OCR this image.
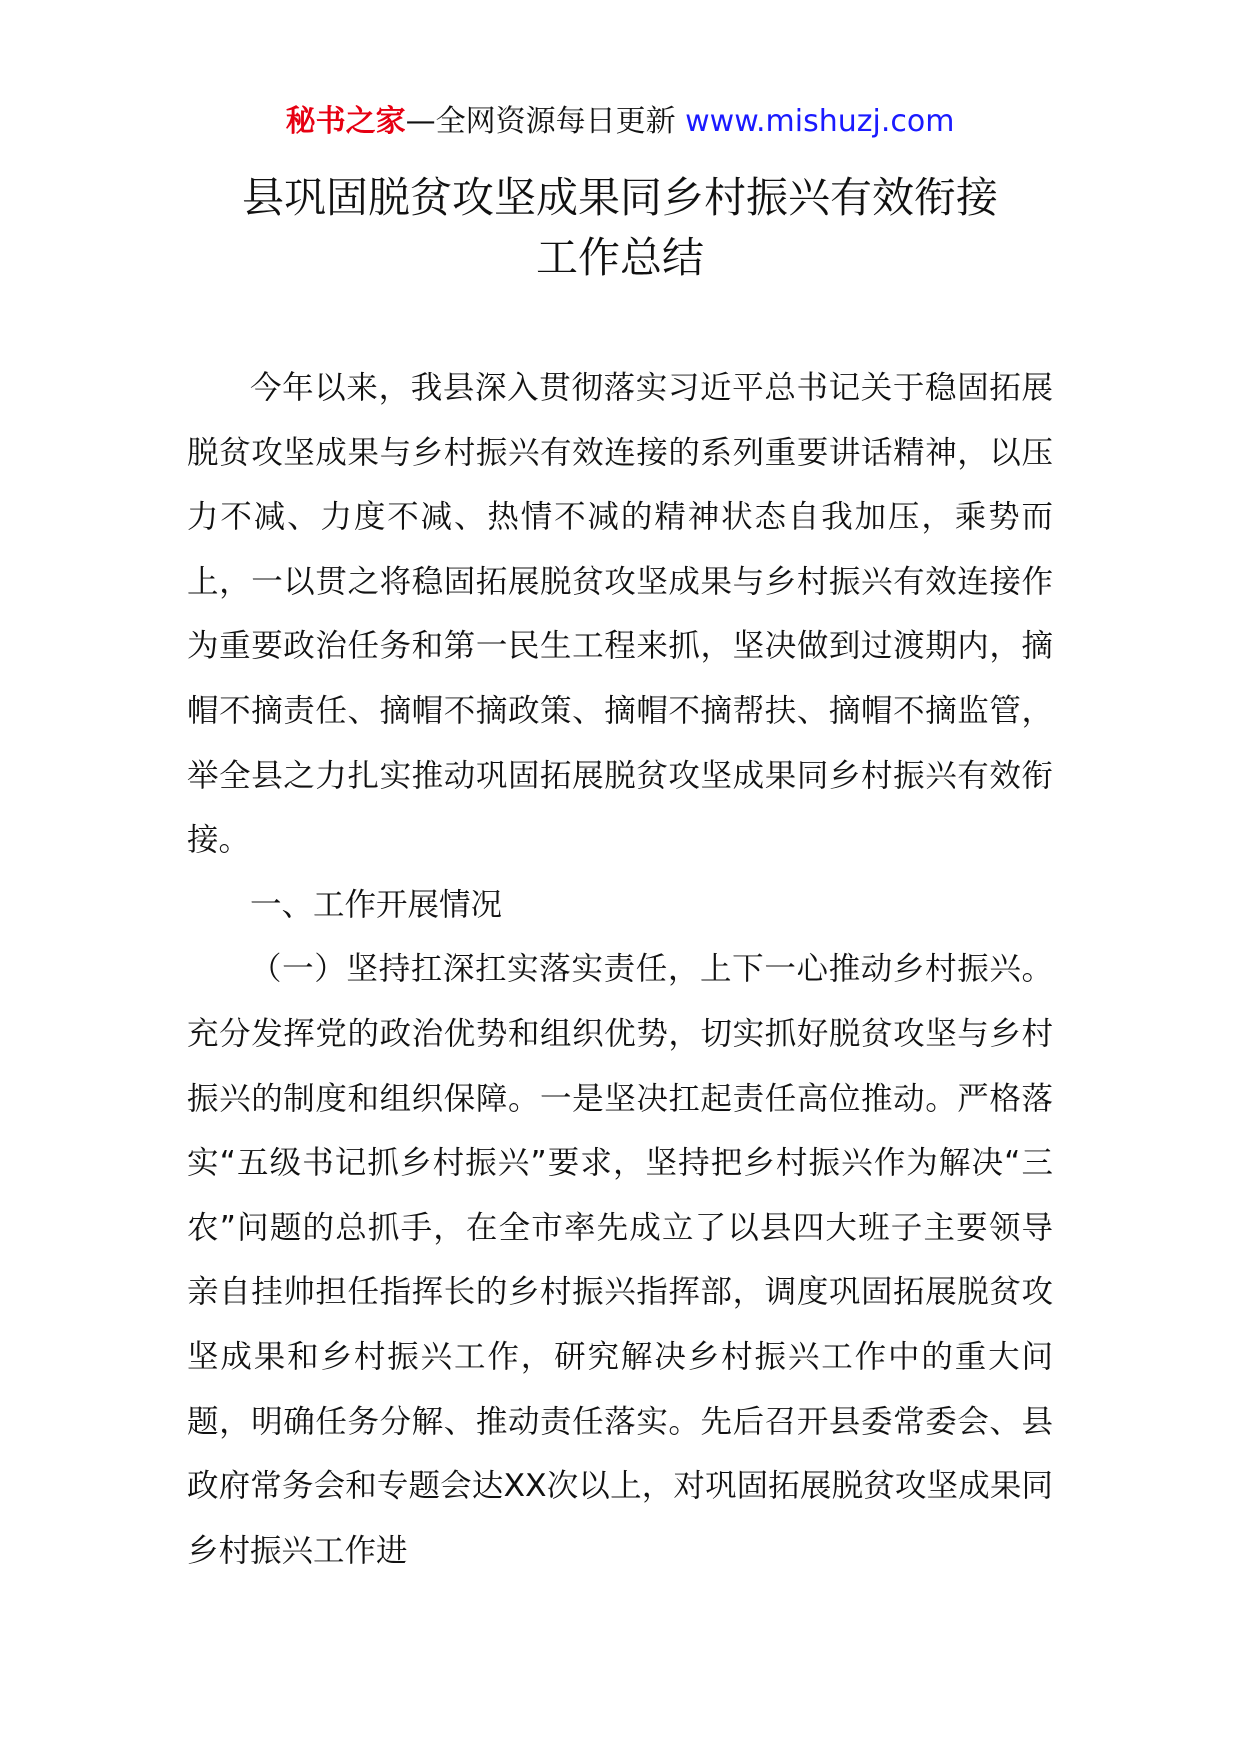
秘书之家—全网资源每日更新 www.mishuzj.com
县巩固脱贫攻坚成果同乡村振兴有效衔接
工作总结

今年以来，我县深入贯彻落实习近平总书记关于稳固拓展脱贫攻坚成果与乡村振兴有效连接的系列重要讲话精神，以压力不减、力度不减、热情不减的精神状态自我加压，乘势而上，一以贯之将稳固拓展脱贫攻坚成果与乡村振兴有效连接作为重要政治任务和第一民生工程来抓，坚决做到过渡期内，摘帽不摘责任、摘帽不摘政策、摘帽不摘帮扶、摘帽不摘监管，举全县之力扎实推动巩固拓展脱贫攻坚成果同乡村振兴有效衔接。

一、工作开展情况

（一）坚持扛深扛实落实责任，上下一心推动乡村振兴。充分发挥党的政治优势和组织优势，切实抓好脱贫攻坚与乡村振兴的制度和组织保障。一是坚决扛起责任高位推动。严格落实“五级书记抓乡村振兴”要求，坚持把乡村振兴作为解决“三农”问题的总抓手，在全市率先成立了以县四大班子主要领导亲自挂帅担任指挥长的乡村振兴指挥部，调度巩固拓展脱贫攻坚成果和乡村振兴工作，研究解决乡村振兴工作中的重大问题，明确任务分解、推动责任落实。先后召开县委常委会、县政府常务会和专题会达XX次以上，对巩固拓展脱贫攻坚成果同乡村振兴工作进
